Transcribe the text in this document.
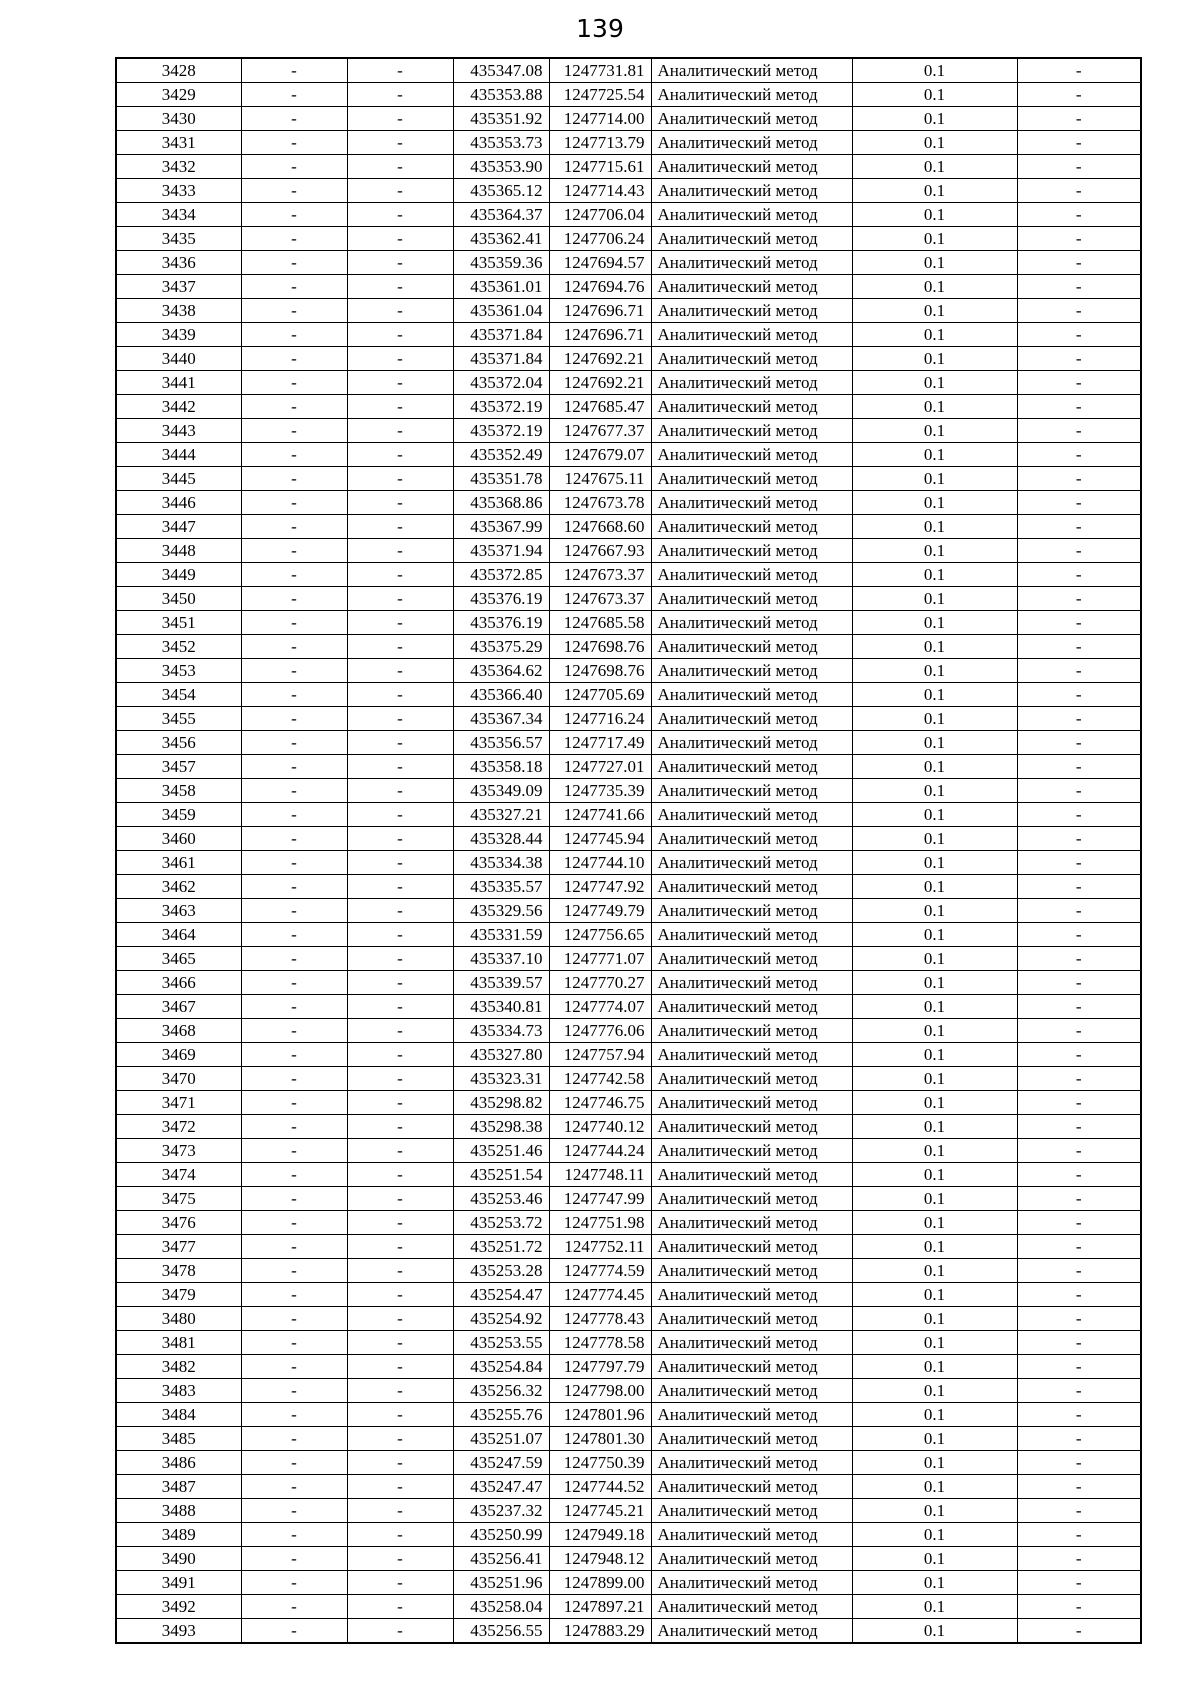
139
3428	-	-	435347.08	1247731.81	Аналитический метод	0.1	-
3429	-	-	435353.88	1247725.54	Аналитический метод	0.1	-
3430	-	-	435351.92	1247714.00	Аналитический метод	0.1	-
3431	-	-	435353.73	1247713.79	Аналитический метод	0.1	-
3432	-	-	435353.90	1247715.61	Аналитический метод	0.1	-
3433	-	-	435365.12	1247714.43	Аналитический метод	0.1	-
3434	-	-	435364.37	1247706.04	Аналитический метод	0.1	-
3435	-	-	435362.41	1247706.24	Аналитический метод	0.1	-
3436	-	-	435359.36	1247694.57	Аналитический метод	0.1	-
3437	-	-	435361.01	1247694.76	Аналитический метод	0.1	-
3438	-	-	435361.04	1247696.71	Аналитический метод	0.1	-
3439	-	-	435371.84	1247696.71	Аналитический метод	0.1	-
3440	-	-	435371.84	1247692.21	Аналитический метод	0.1	-
3441	-	-	435372.04	1247692.21	Аналитический метод	0.1	-
3442	-	-	435372.19	1247685.47	Аналитический метод	0.1	-
3443	-	-	435372.19	1247677.37	Аналитический метод	0.1	-
3444	-	-	435352.49	1247679.07	Аналитический метод	0.1	-
3445	-	-	435351.78	1247675.11	Аналитический метод	0.1	-
3446	-	-	435368.86	1247673.78	Аналитический метод	0.1	-
3447	-	-	435367.99	1247668.60	Аналитический метод	0.1	-
3448	-	-	435371.94	1247667.93	Аналитический метод	0.1	-
3449	-	-	435372.85	1247673.37	Аналитический метод	0.1	-
3450	-	-	435376.19	1247673.37	Аналитический метод	0.1	-
3451	-	-	435376.19	1247685.58	Аналитический метод	0.1	-
3452	-	-	435375.29	1247698.76	Аналитический метод	0.1	-
3453	-	-	435364.62	1247698.76	Аналитический метод	0.1	-
3454	-	-	435366.40	1247705.69	Аналитический метод	0.1	-
3455	-	-	435367.34	1247716.24	Аналитический метод	0.1	-
3456	-	-	435356.57	1247717.49	Аналитический метод	0.1	-
3457	-	-	435358.18	1247727.01	Аналитический метод	0.1	-
3458	-	-	435349.09	1247735.39	Аналитический метод	0.1	-
3459	-	-	435327.21	1247741.66	Аналитический метод	0.1	-
3460	-	-	435328.44	1247745.94	Аналитический метод	0.1	-
3461	-	-	435334.38	1247744.10	Аналитический метод	0.1	-
3462	-	-	435335.57	1247747.92	Аналитический метод	0.1	-
3463	-	-	435329.56	1247749.79	Аналитический метод	0.1	-
3464	-	-	435331.59	1247756.65	Аналитический метод	0.1	-
3465	-	-	435337.10	1247771.07	Аналитический метод	0.1	-
3466	-	-	435339.57	1247770.27	Аналитический метод	0.1	-
3467	-	-	435340.81	1247774.07	Аналитический метод	0.1	-
3468	-	-	435334.73	1247776.06	Аналитический метод	0.1	-
3469	-	-	435327.80	1247757.94	Аналитический метод	0.1	-
3470	-	-	435323.31	1247742.58	Аналитический метод	0.1	-
3471	-	-	435298.82	1247746.75	Аналитический метод	0.1	-
3472	-	-	435298.38	1247740.12	Аналитический метод	0.1	-
3473	-	-	435251.46	1247744.24	Аналитический метод	0.1	-
3474	-	-	435251.54	1247748.11	Аналитический метод	0.1	-
3475	-	-	435253.46	1247747.99	Аналитический метод	0.1	-
3476	-	-	435253.72	1247751.98	Аналитический метод	0.1	-
3477	-	-	435251.72	1247752.11	Аналитический метод	0.1	-
3478	-	-	435253.28	1247774.59	Аналитический метод	0.1	-
3479	-	-	435254.47	1247774.45	Аналитический метод	0.1	-
3480	-	-	435254.92	1247778.43	Аналитический метод	0.1	-
3481	-	-	435253.55	1247778.58	Аналитический метод	0.1	-
3482	-	-	435254.84	1247797.79	Аналитический метод	0.1	-
3483	-	-	435256.32	1247798.00	Аналитический метод	0.1	-
3484	-	-	435255.76	1247801.96	Аналитический метод	0.1	-
3485	-	-	435251.07	1247801.30	Аналитический метод	0.1	-
3486	-	-	435247.59	1247750.39	Аналитический метод	0.1	-
3487	-	-	435247.47	1247744.52	Аналитический метод	0.1	-
3488	-	-	435237.32	1247745.21	Аналитический метод	0.1	-
3489	-	-	435250.99	1247949.18	Аналитический метод	0.1	-
3490	-	-	435256.41	1247948.12	Аналитический метод	0.1	-
3491	-	-	435251.96	1247899.00	Аналитический метод	0.1	-
3492	-	-	435258.04	1247897.21	Аналитический метод	0.1	-
3493	-	-	435256.55	1247883.29	Аналитический метод	0.1	-
